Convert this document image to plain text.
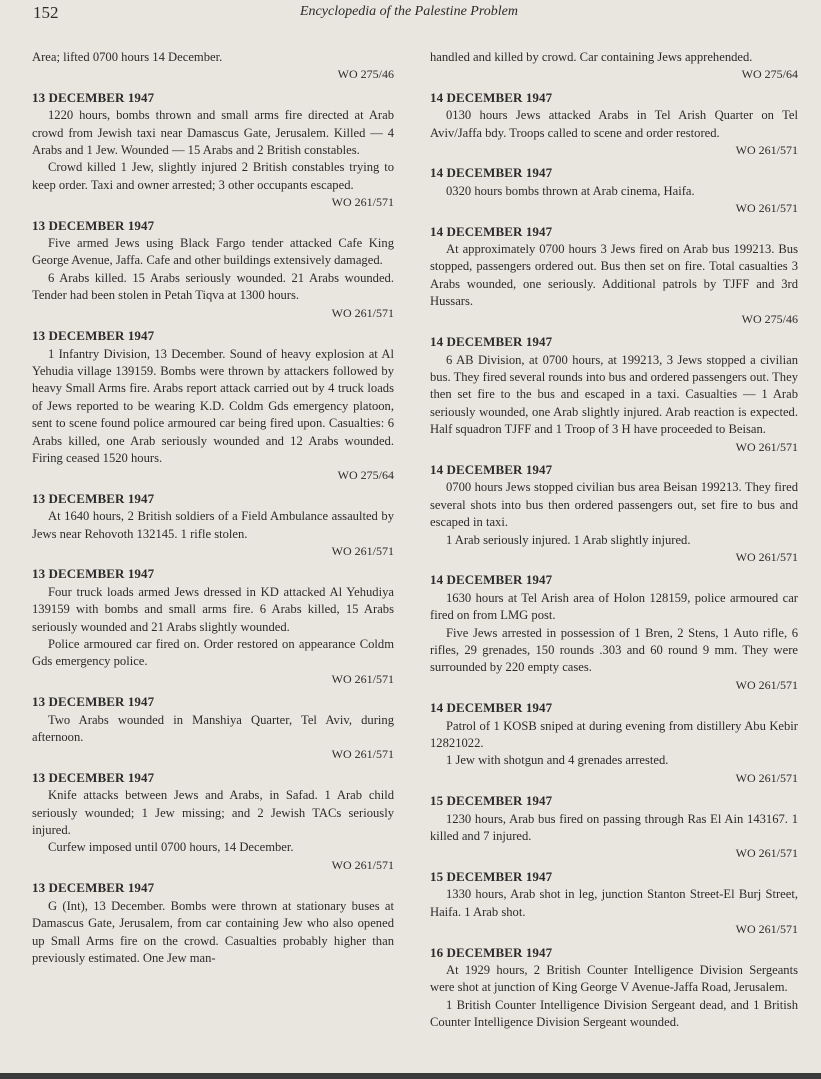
152	Encyclopedia of the Palestine Problem

Area; lifted 0700 hours 14 December.

WO 275/46
13 DECEMBER 1947

1220 hours, bombs thrown and small arms fire directed at Arab crowd from Jewish taxi near Damascus Gate, Jerusalem. Killed — 4 Arabs and 1 Jew. Wounded — 15 Arabs and 2 British constables.

Crowd killed 1 Jew, slightly injured 2 British constables trying to keep order. Taxi and owner arrested; 3 other occupants escaped.

WO 261/571
13 DECEMBER 1947

Five armed Jews using Black Fargo tender attacked Cafe King George Avenue, Jaffa. Cafe and other buildings extensively damaged.

6 Arabs killed. 15 Arabs seriously wounded. 21 Arabs wounded. Tender had been stolen in Petah Tiqva at 1300 hours.

WO 261/571
13 DECEMBER 1947

1 Infantry Division, 13 December. Sound of heavy explosion at Al Yehudia village 139159. Bombs were thrown by attackers followed by heavy Small Arms fire. Arabs report attack carried out by 4 truck loads of Jews reported to be wearing K.D. Coldm Gds emergency platoon, sent to scene found police armoured car being fired upon. Casualties: 6 Arabs killed, one Arab seriously wounded and 12 Arabs wounded. Firing ceased 1520 hours.

WO 275/64
13 DECEMBER 1947

At 1640 hours, 2 British soldiers of a Field Ambulance assaulted by Jews near Rehovoth 132145. 1 rifle stolen.

WO 261/571
13 DECEMBER 1947

Four truck loads armed Jews dressed in KD attacked Al Yehudiya 139159 with bombs and small arms fire. 6 Arabs killed, 15 Arabs seriously wounded and 21 Arabs slightly wounded.

Police armoured car fired on. Order restored on appearance Coldm Gds emergency police.

WO 261/571
13 DECEMBER 1947

Two Arabs wounded in Manshiya Quarter, Tel Aviv, during afternoon.

WO 261/571
13 DECEMBER 1947

Knife attacks between Jews and Arabs, in Safad. 1 Arab child seriously wounded; 1 Jew missing; and 2 Jewish TACs seriously injured.

Curfew imposed until 0700 hours, 14 December.

WO 261/571
13 DECEMBER 1947

G (Int), 13 December. Bombs were thrown at stationary buses at Damascus Gate, Jerusalem, from car containing Jew who also opened up Small Arms fire on the crowd. Casualties probably higher than previously estimated. One Jew man-

handled and killed by crowd. Car containing Jews apprehended.

WO 275/64
14 DECEMBER 1947

0130 hours Jews attacked Arabs in Tel Arish Quarter on Tel Aviv/Jaffa bdy. Troops called to scene and order restored.

WO 261/571
14 DECEMBER 1947

0320 hours bombs thrown at Arab cinema, Haifa.

WO 261/571
14 DECEMBER 1947

At approximately 0700 hours 3 Jews fired on Arab bus 199213. Bus stopped, passengers ordered out. Bus then set on fire. Total casualties 3 Arabs wounded, one seriously. Additional patrols by TJFF and 3rd Hussars.

WO 275/46
14 DECEMBER 1947

6 AB Division, at 0700 hours, at 199213, 3 Jews stopped a civilian bus. They fired several rounds into bus and ordered passengers out. They then set fire to the bus and escaped in a taxi. Casualties — 1 Arab seriously wounded, one Arab slightly injured. Arab reaction is expected. Half squadron TJFF and 1 Troop of 3 H have proceeded to Beisan.

WO 261/571
14 DECEMBER 1947

0700 hours Jews stopped civilian bus area Beisan 199213. They fired several shots into bus then ordered passengers out, set fire to bus and escaped in taxi.

1 Arab seriously injured. 1 Arab slightly injured.

WO 261/571
14 DECEMBER 1947

1630 hours at Tel Arish area of Holon 128159, police armoured car fired on from LMG post.

Five Jews arrested in possession of 1 Bren, 2 Stens, 1 Auto rifle, 6 rifles, 29 grenades, 150 rounds .303 and 60 round 9 mm. They were surrounded by 220 empty cases.

WO 261/571
14 DECEMBER 1947

Patrol of 1 KOSB sniped at during evening from distillery Abu Kebir 12821022.

1 Jew with shotgun and 4 grenades arrested.

WO 261/571
15 DECEMBER 1947

1230 hours, Arab bus fired on passing through Ras El Ain 143167. 1 killed and 7 injured.

WO 261/571
15 DECEMBER 1947

1330 hours, Arab shot in leg, junction Stanton Street-El Burj Street, Haifa. 1 Arab shot.

WO 261/571
16 DECEMBER 1947

At 1929 hours, 2 British Counter Intelligence Division Sergeants were shot at junction of King George V Avenue-Jaffa Road, Jerusalem.

1 British Counter Intelligence Division Sergeant dead, and 1 British Counter Intelligence Division Sergeant wounded.
